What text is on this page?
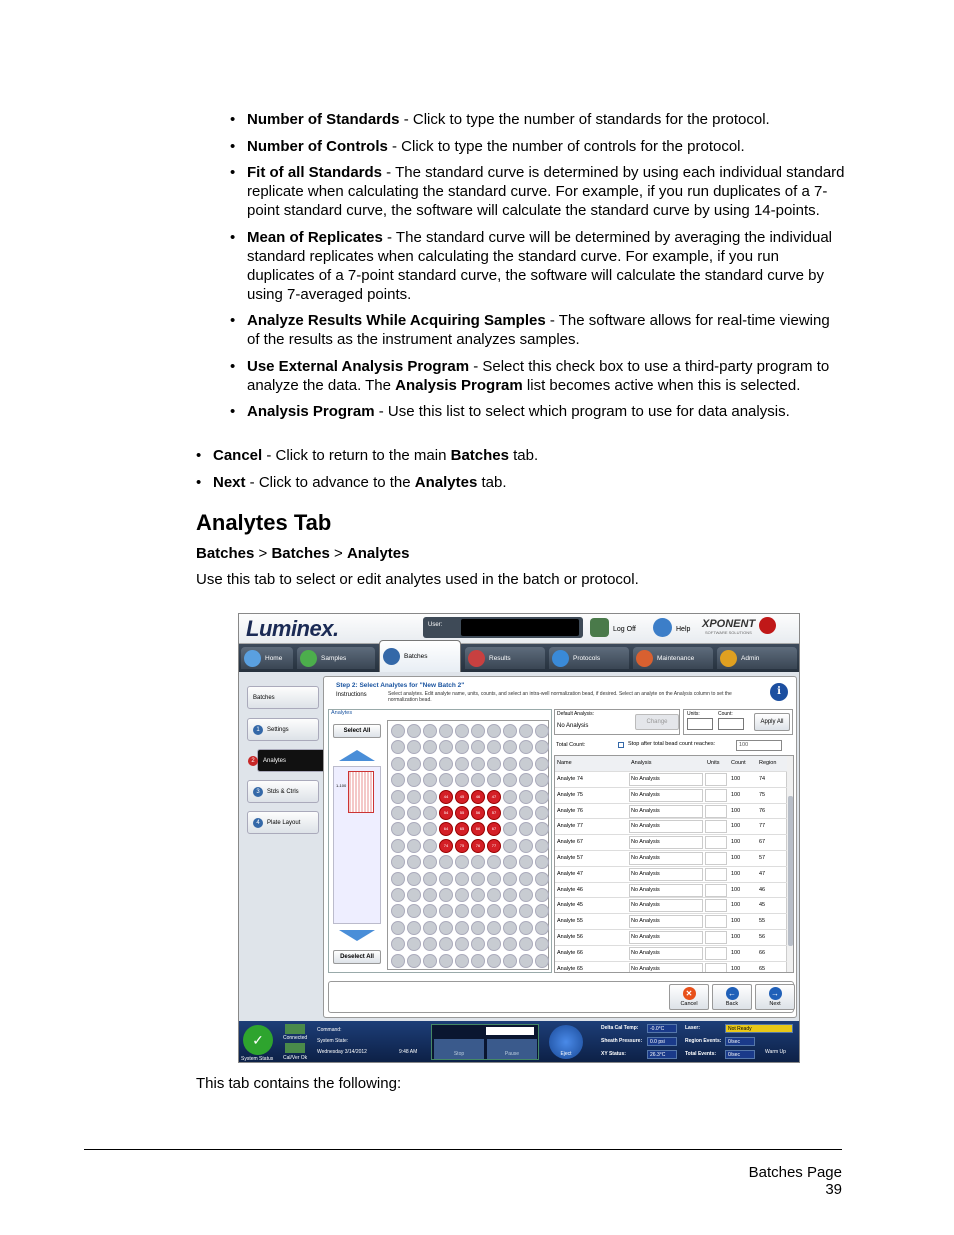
• Number of Standards - Click to type the number of standards for the protocol.
• Number of Controls - Click to type the number of controls for the protocol.
• Fit of all Standards - The standard curve is determined by using each individual standard replicate when calculating the standard curve. For example, if you run duplicates of a 7-point standard curve, the software will calculate the standard curve by using 14-points.
• Mean of Replicates - The standard curve will be determined by averaging the individual standard replicates when calculating the standard curve. For example, if you run duplicates of a 7-point standard curve, the software will calculate the standard curve by using 7-averaged points.
• Analyze Results While Acquiring Samples - The software allows for real-time viewing of the results as the instrument analyzes samples.
• Use External Analysis Program - Select this check box to use a third-party program to analyze the data. The Analysis Program list becomes active when this is selected.
• Analysis Program - Use this list to select which program to use for data analysis.
• Cancel - Click to return to the main Batches tab.
• Next - Click to advance to the Analytes tab.
Analytes Tab
Batches > Batches > Analytes
Use this tab to select or edit analytes used in the batch or protocol.
Luminex.	User:
Log Off	Help XPONENT
SOFTWARE SOLUTIONS
Home	Samples	Batches	Results	Protocols	Maintenance	Admin
Batches
1	Settings
2	Analytes
3	Stds & Ctrls
4	Plate Layout
Step 2: Select Analytes for "New Batch 2"
Instructions	Select analytes. Edit analyte name, units, counts, and select an intra-well normalization bead, if desired. Select an analyte on the Analysis column to set the normalization bead.
i
Analytes
Select All
1-100
Deselect All
44	45	46	47
54	55	56	57
64	65	66	67
74	75	76	77
Default Analysis:
No Analysis
Change
Units:	Count:
Apply All
Total Count:	Stop after total bead count reaches:	100
Name	Analysis	Units Count Region
Analyte 74	No Analysis	100	74
Analyte 75	No Analysis	100	75
Analyte 76	No Analysis	100	76
Analyte 77	No Analysis	100	77
Analyte 67	No Analysis	100	67
Analyte 57	No Analysis	100	57
Analyte 47	No Analysis	100	47
Analyte 46	No Analysis	100	46
Analyte 45	No Analysis	100	45
Analyte 55	No Analysis	100	55
Analyte 56	No Analysis	100	56
Analyte 66	No Analysis	100	66
Analyte 65	No Analysis	100	65
✕
Cancel
←
Back
→
Next
✓
System Status
Connected
Cal/Ver Ok
Command:
System State:
Wednesday 3/14/2012	9:48 AM	Stop	Pause	Eject
Delta Cal Temp:	-0.0°C
Sheath Pressure:	0.0 psi
XY Status:	26.3°C
Laser:	Not Ready
Region Events:	0/sec
Total Events:	0/sec	Warm Up
This tab contains the following:
Batches Page
39
